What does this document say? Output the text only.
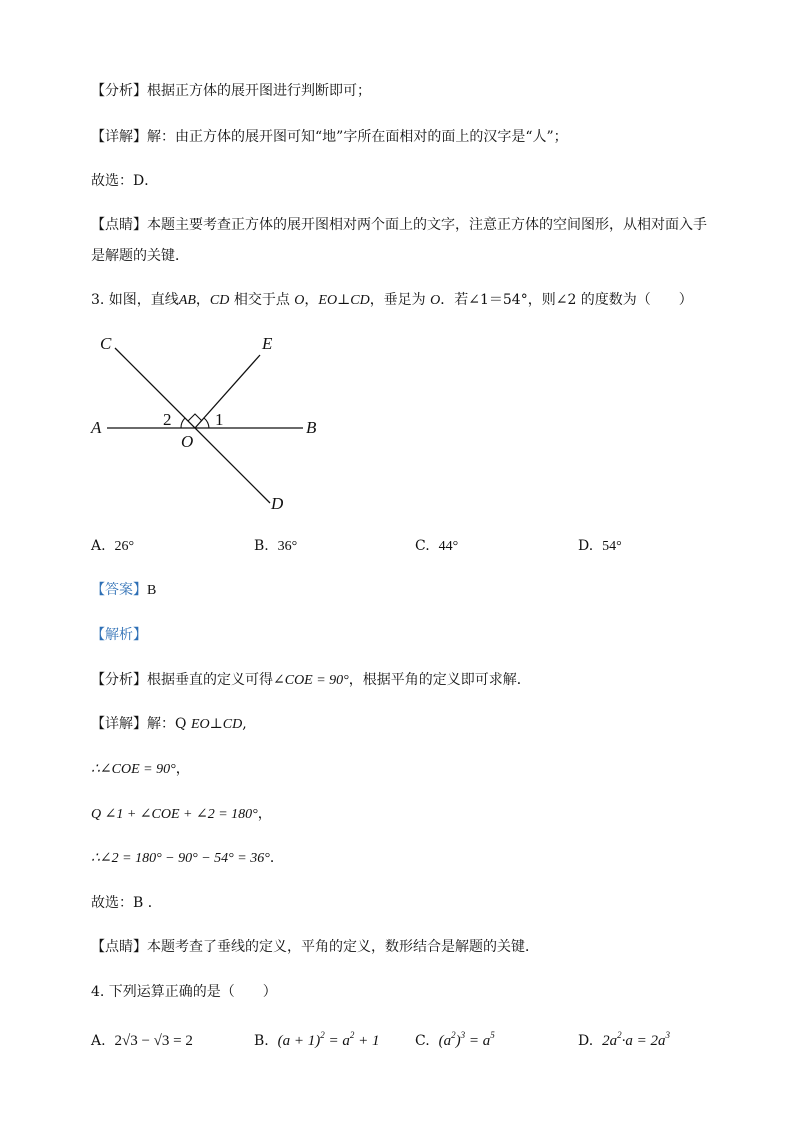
【分析】根据正方体的展开图进行判断即可；
【详解】解：由正方体的展开图可知“地”字所在面相对的面上的汉字是“人”；
故选：D．
【点睛】本题主要考查正方体的展开图相对两个面上的文字，注意正方体的空间图形，从相对面入手
是解题的关键．
3. 如图，直线AB，CD 相交于点 O，EO⊥CD，垂足为 O．若∠1＝54°，则∠2 的度数为（　　）
C	E
A	B
O
D
1
2
A. 26°	B. 36°	C. 44°	D. 54°
【答案】B
【解析】
【分析】根据垂直的定义可得∠COE = 90°，根据平角的定义即可求解．
【详解】解：Q EO⊥CD,
∴∠COE = 90°，
Q ∠1 + ∠COE + ∠2 = 180°，
∴∠2 = 180° − 90° − 54° = 36°．
故选：B ．
【点睛】本题考查了垂线的定义，平角的定义，数形结合是解题的关键．
4. 下列运算正确的是（　　）
A. 2√3 − √3 = 2	B. $(a + 1)^2 = a^2 + 1$	C. $(a^2)^3 = a^5$	D. $2a^2\cdot a = 2a^3$
